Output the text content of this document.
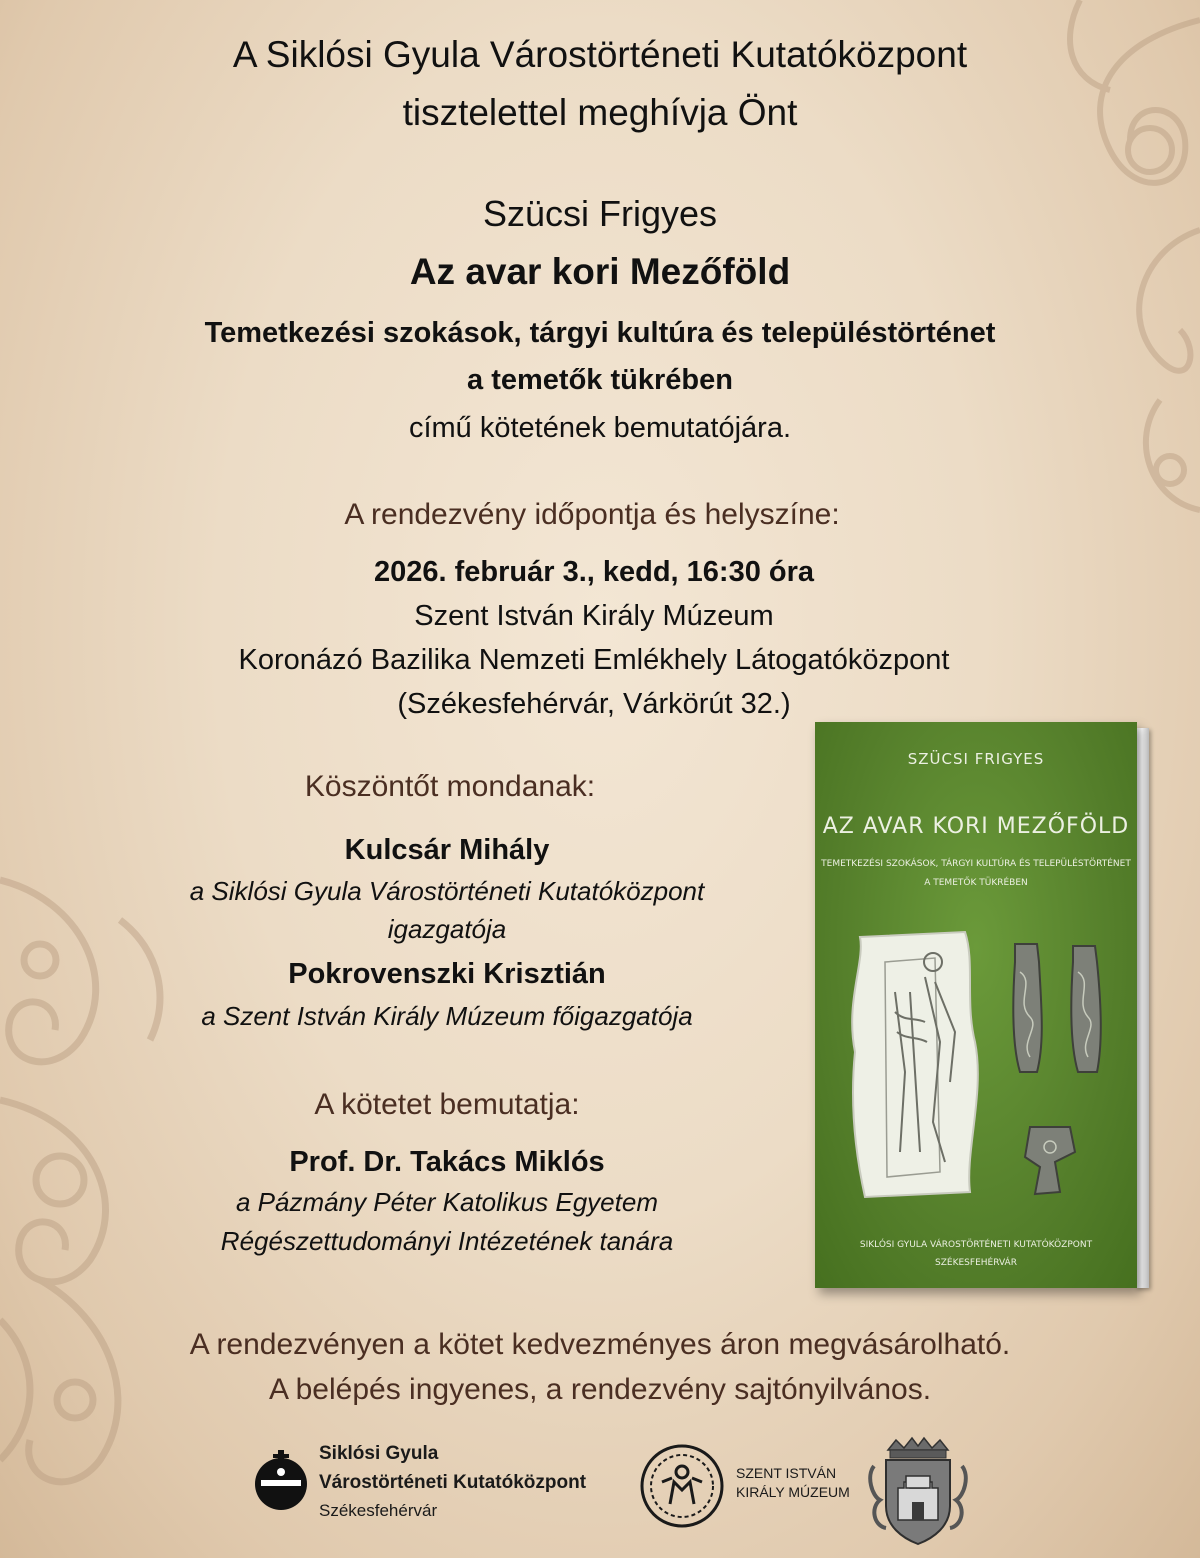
A Siklósi Gyula Várostörténeti Kutatóközpont
tisztelettel meghívja Önt
Szücsi Frigyes
Az avar kori Mezőföld
Temetkezési szokások, tárgyi kultúra és településtörténet
a temetők tükrében
című kötetének bemutatójára.
A rendezvény időpontja és helyszíne:
2026. február 3., kedd, 16:30 óra
Szent István Király Múzeum
Koronázó Bazilika Nemzeti Emlékhely Látogatóközpont
(Székesfehérvár, Várkörút 32.)
Köszöntőt mondanak:
Kulcsár Mihály
a Siklósi Gyula Várostörténeti Kutatóközpont
igazgatója
Pokrovenszki Krisztián
a Szent István Király Múzeum főigazgatója
A kötetet bemutatja:
Prof. Dr. Takács Miklós
a Pázmány Péter Katolikus Egyetem
Régészettudományi Intézetének tanára
SZÜCSI FRIGYES
AZ AVAR KORI MEZŐFÖLD
TEMETKEZÉSI SZOKÁSOK, TÁRGYI KULTÚRA ÉS TELEPÜLÉSTÖRTÉNET
A TEMETŐK TÜKRÉBEN
SIKLÓSI GYULA VÁROSTÖRTÉNETI KUTATÓKÖZPONT
SZÉKESFEHÉRVÁR
A rendezvényen a kötet kedvezményes áron megvásárolható.
A belépés ingyenes, a rendezvény sajtónyilvános.
Siklósi Gyula
Várostörténeti Kutatóközpont
Székesfehérvár
SZENT ISTVÁN
KIRÁLY MÚZEUM
